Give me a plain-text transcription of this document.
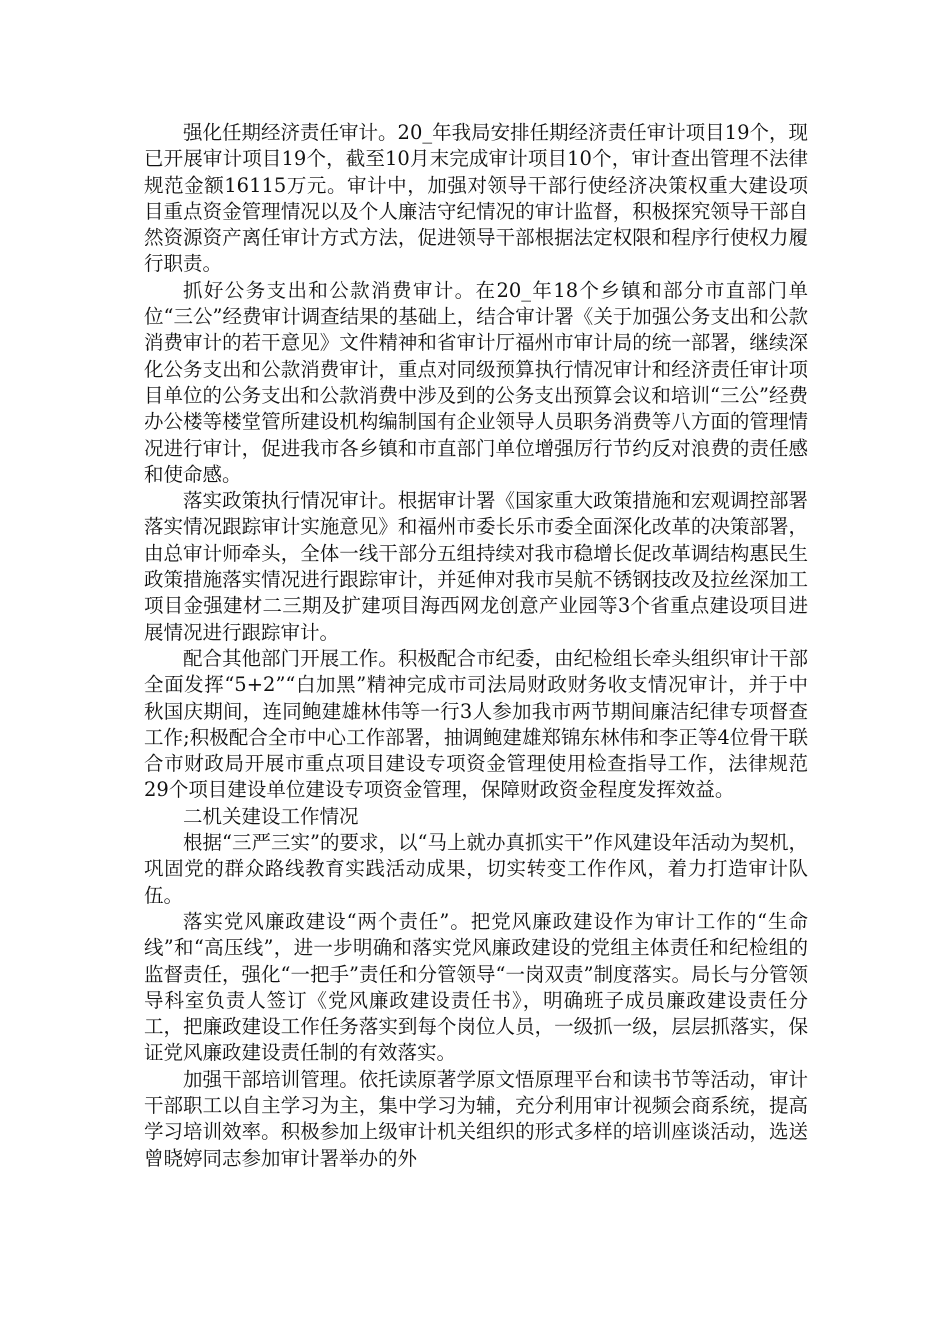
强化任期经济责任审计。20_年我局安排任期经济责任审计项目19个，现已开展审计项目19个，截至10月末完成审计项目10个，审计查出管理不法律规范金额16115万元。审计中，加强对领导干部行使经济决策权重大建设项目重点资金管理情况以及个人廉洁守纪情况的审计监督，积极探究领导干部自然资源资产离任审计方式方法，促进领导干部根据法定权限和程序行使权力履行职责。

抓好公务支出和公款消费审计。在20_年18个乡镇和部分市直部门单位“三公”经费审计调查结果的基础上，结合审计署《关于加强公务支出和公款消费审计的若干意见》文件精神和省审计厅福州市审计局的统一部署，继续深化公务支出和公款消费审计，重点对同级预算执行情况审计和经济责任审计项目单位的公务支出和公款消费中涉及到的公务支出预算会议和培训“三公”经费办公楼等楼堂管所建设机构编制国有企业领导人员职务消费等八方面的管理情况进行审计，促进我市各乡镇和市直部门单位增强厉行节约反对浪费的责任感和使命感。

落实政策执行情况审计。根据审计署《国家重大政策措施和宏观调控部署落实情况跟踪审计实施意见》和福州市委长乐市委全面深化改革的决策部署，由总审计师牵头，全体一线干部分五组持续对我市稳增长促改革调结构惠民生政策措施落实情况进行跟踪审计，并延伸对我市吴航不锈钢技改及拉丝深加工项目金强建材二三期及扩建项目海西网龙创意产业园等3个省重点建设项目进展情况进行跟踪审计。

配合其他部门开展工作。积极配合市纪委，由纪检组长牵头组织审计干部全面发挥“5+2”“白加黑”精神完成市司法局财政财务收支情况审计，并于中秋国庆期间，连同鲍建雄林伟等一行3人参加我市两节期间廉洁纪律专项督查工作;积极配合全市中心工作部署，抽调鲍建雄郑锦东林伟和李正等4位骨干联合市财政局开展市重点项目建设专项资金管理使用检查指导工作，法律规范29个项目建设单位建设专项资金管理，保障财政资金程度发挥效益。

二机关建设工作情况

根据“三严三实”的要求，以“马上就办真抓实干”作风建设年活动为契机，巩固党的群众路线教育实践活动成果，切实转变工作作风，着力打造审计队伍。

落实党风廉政建设“两个责任”。把党风廉政建设作为审计工作的“生命线”和“高压线”，进一步明确和落实党风廉政建设的党组主体责任和纪检组的监督责任，强化“一把手”责任和分管领导“一岗双责”制度落实。局长与分管领导科室负责人签订《党风廉政建设责任书》，明确班子成员廉政建设责任分工，把廉政建设工作任务落实到每个岗位人员，一级抓一级，层层抓落实，保证党风廉政建设责任制的有效落实。

加强干部培训管理。依托读原著学原文悟原理平台和读书节等活动，审计干部职工以自主学习为主，集中学习为辅，充分利用审计视频会商系统，提高学习培训效率。积极参加上级审计机关组织的形式多样的培训座谈活动，选送曾晓婷同志参加审计署举办的外
